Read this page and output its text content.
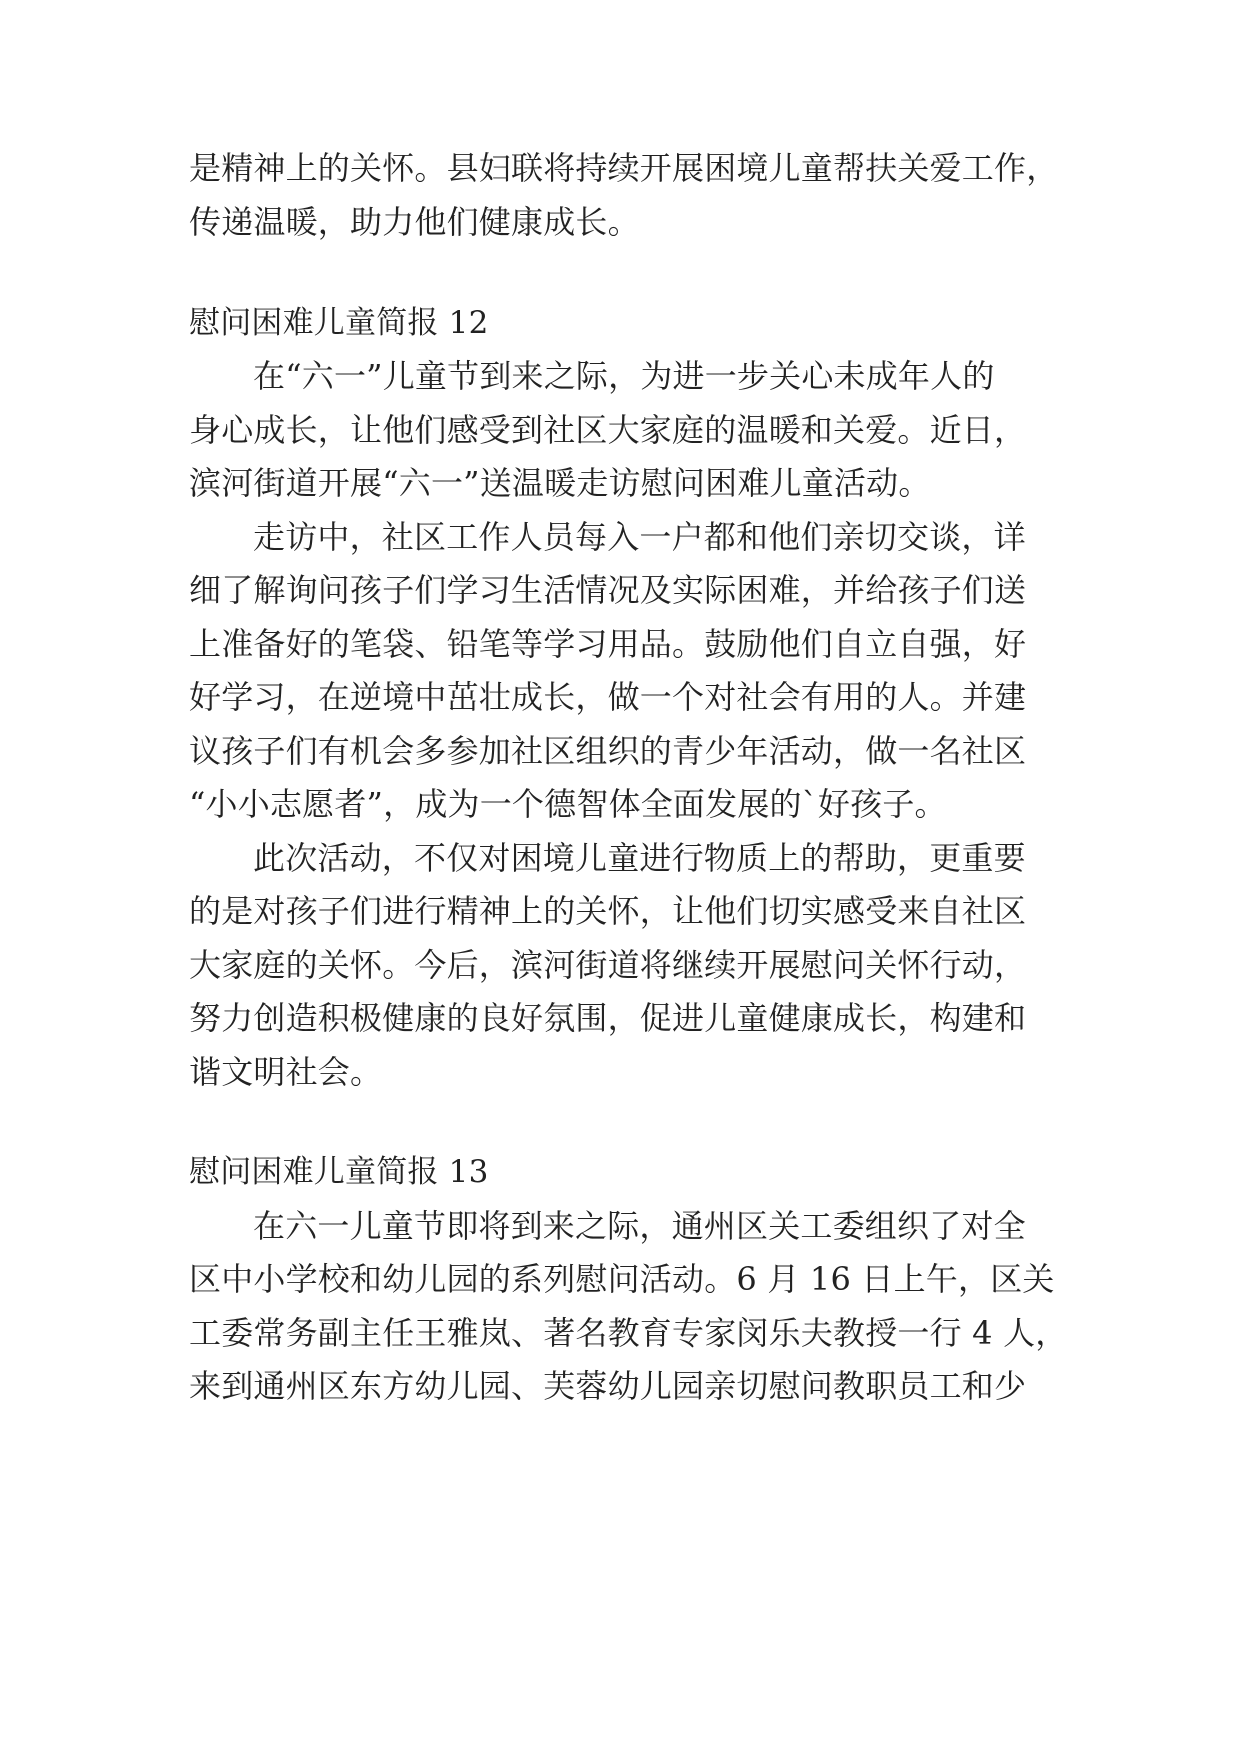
是精神上的关怀。县妇联将持续开展困境儿童帮扶关爱工作，
传递温暖，助力他们健康成长。
慰问困难儿童简报 12
在“六一”儿童节到来之际，为进一步关心未成年人的
身心成长，让他们感受到社区大家庭的温暖和关爱。近日，
滨河街道开展“六一”送温暖走访慰问困难儿童活动。
走访中，社区工作人员每入一户都和他们亲切交谈，详
细了解询问孩子们学习生活情况及实际困难，并给孩子们送
上准备好的笔袋、铅笔等学习用品。鼓励他们自立自强，好
好学习，在逆境中茁壮成长，做一个对社会有用的人。并建
议孩子们有机会多参加社区组织的青少年活动，做一名社区
“小小志愿者”，成为一个德智体全面发展的`好孩子。
此次活动，不仅对困境儿童进行物质上的帮助，更重要
的是对孩子们进行精神上的关怀，让他们切实感受来自社区
大家庭的关怀。今后，滨河街道将继续开展慰问关怀行动，
努力创造积极健康的良好氛围，促进儿童健康成长，构建和
谐文明社会。
慰问困难儿童简报 13
在六一儿童节即将到来之际，通州区关工委组织了对全
区中小学校和幼儿园的系列慰问活动。6 月 16 日上午，区关
工委常务副主任王雅岚、著名教育专家闵乐夫教授一行 4 人，
来到通州区东方幼儿园、芙蓉幼儿园亲切慰问教职员工和少
